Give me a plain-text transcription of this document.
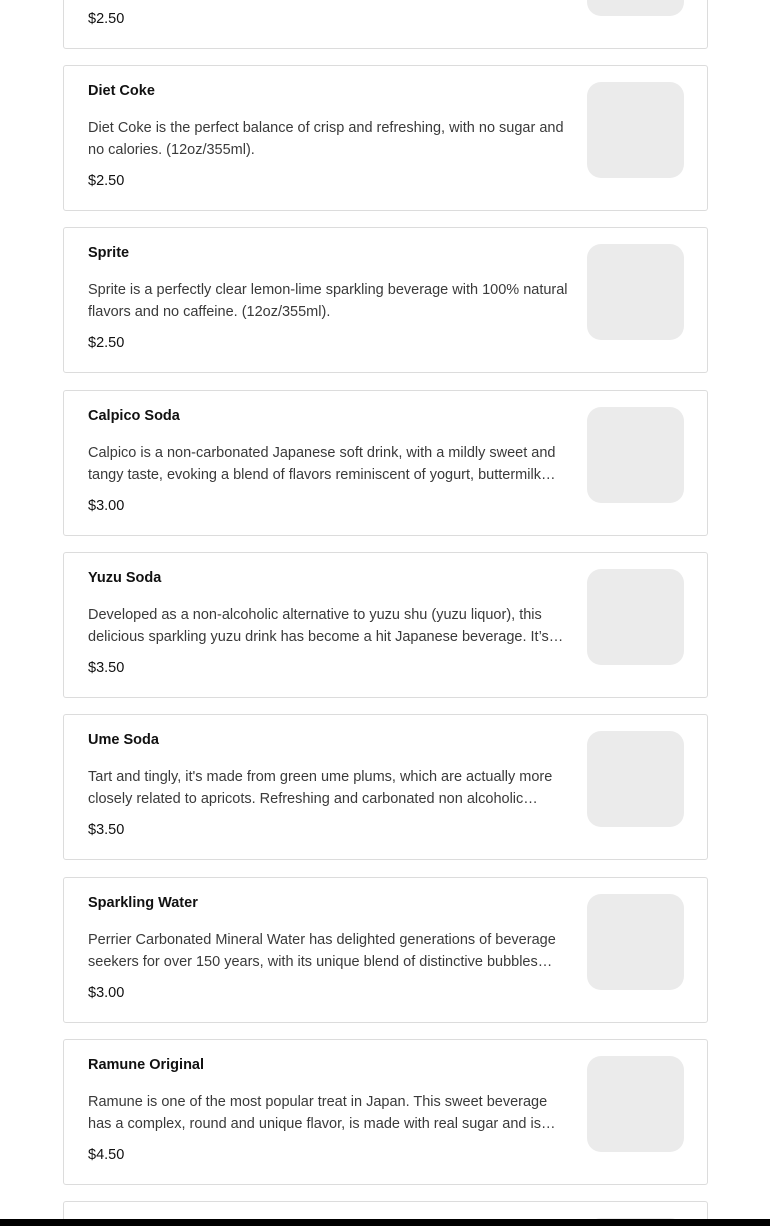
$2.50
Diet Coke
Diet Coke is the perfect balance of crisp and refreshing, with no sugar and no calories. (12oz/355ml).
$2.50
Sprite
Sprite is a perfectly clear lemon-lime sparkling beverage with 100% natural flavors and no caffeine. (12oz/355ml).
$2.50
Calpico Soda
Calpico is a non-carbonated Japanese soft drink, with a mildly sweet and tangy taste, evoking a blend of flavors reminiscent of yogurt, buttermilk…
$3.00
Yuzu Soda
Developed as a non-alcoholic alternative to yuzu shu (yuzu liquor), this delicious sparkling yuzu drink has become a hit Japanese beverage. It’s…
$3.50
Ume Soda
Tart and tingly, it's made from green ume plums, which are actually more closely related to apricots. Refreshing and carbonated non alcoholic…
$3.50
Sparkling Water
Perrier Carbonated Mineral Water has delighted generations of beverage seekers for over 150 years, with its unique blend of distinctive bubbles…
$3.00
Ramune Original
Ramune is one of the most popular treat in Japan. This sweet beverage has a complex, round and unique flavor, is made with real sugar and is…
$4.50
